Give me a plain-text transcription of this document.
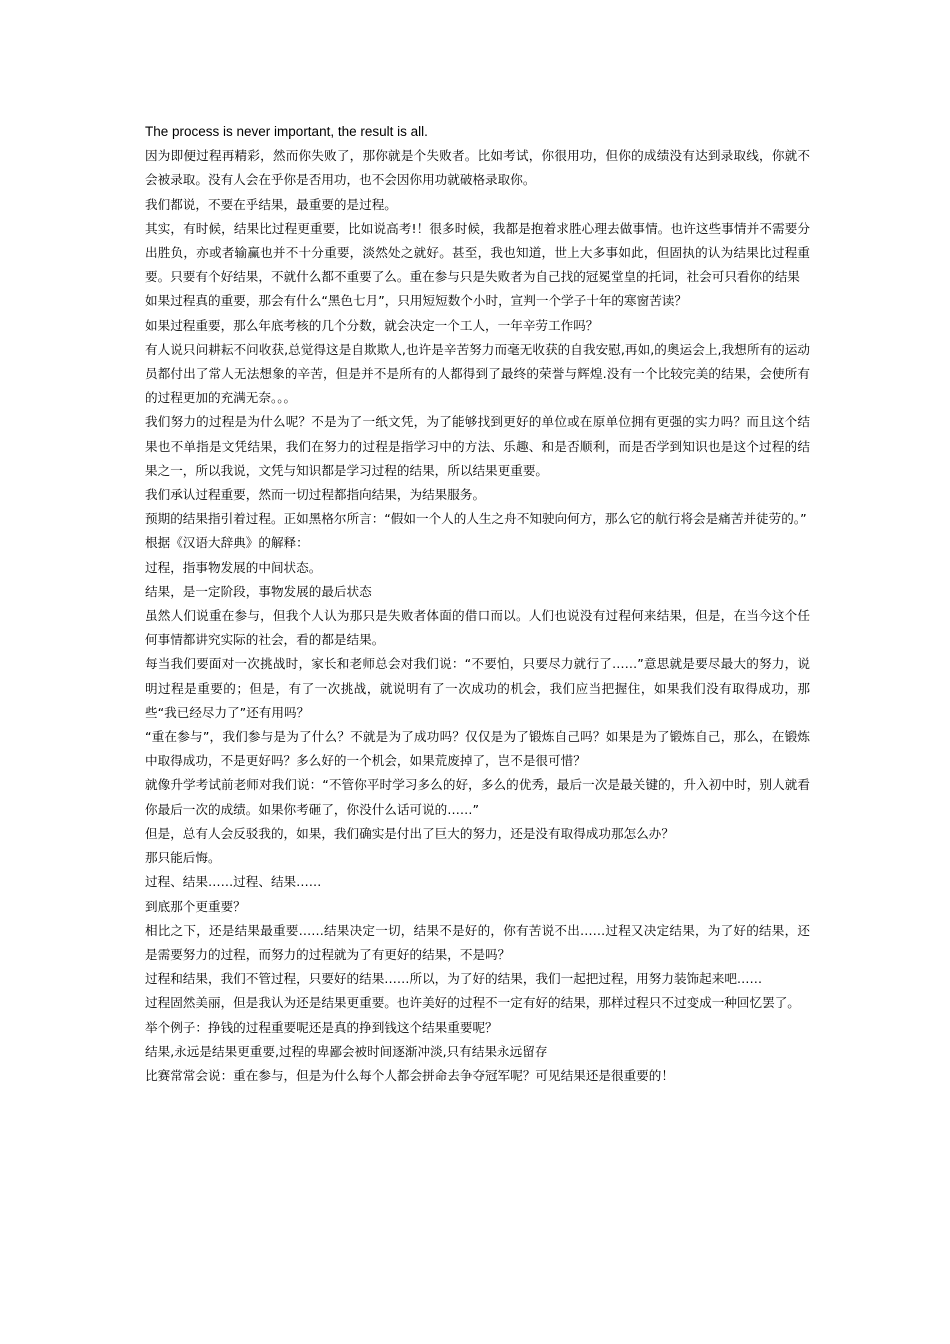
The process is never important, the result is all.

因为即便过程再精彩，然而你失败了，那你就是个失败者。比如考试，你很用功，但你的成绩没有达到录取线，你就不会被录取。没有人会在乎你是否用功，也不会因你用功就破格录取你。

我们都说，不要在乎结果，最重要的是过程。

其实，有时候，结果比过程更重要，比如说高考!！很多时候，我都是抱着求胜心理去做事情。也许这些事情并不需要分出胜负，亦或者输赢也并不十分重要，淡然处之就好。甚至，我也知道，世上大多事如此，但固执的认为结果比过程重要。只要有个好结果，不就什么都不重要了么。重在参与只是失败者为自己找的冠冕堂皇的托词，社会可只看你的结果

如果过程真的重要，那会有什么“黑色七月”，只用短短数个小时，宣判一个学子十年的寒窗苦读？

如果过程重要，那么年底考核的几个分数，就会决定一个工人，一年辛劳工作吗？

有人说只问耕耘不问收获,总觉得这是自欺欺人,也许是辛苦努力而毫无收获的自我安慰,再如,的奥运会上,我想所有的运动员都付出了常人无法想象的辛苦，但是并不是所有的人都得到了最终的荣誉与辉煌.没有一个比较完美的结果，会使所有的过程更加的充满无奈。。。

我们努力的过程是为什么呢？不是为了一纸文凭，为了能够找到更好的单位或在原单位拥有更强的实力吗？而且这个结果也不单指是文凭结果，我们在努力的过程是指学习中的方法、乐趣、和是否顺利，而是否学到知识也是这个过程的结果之一，所以我说，文凭与知识都是学习过程的结果，所以结果更重要。

我们承认过程重要，然而一切过程都指向结果，为结果服务。

预期的结果指引着过程。正如黑格尔所言：“假如一个人的人生之舟不知驶向何方，那么它的航行将会是痛苦并徒劳的。”

根据《汉语大辞典》的解释：

过程，指事物发展的中间状态。

结果，是一定阶段，事物发展的最后状态

虽然人们说重在参与，但我个人认为那只是失败者体面的借口而以。人们也说没有过程何来结果，但是，在当今这个任何事情都讲究实际的社会，看的都是结果。

每当我们要面对一次挑战时，家长和老师总会对我们说：“不要怕，只要尽力就行了……”意思就是要尽最大的努力，说明过程是重要的；但是，有了一次挑战，就说明有了一次成功的机会，我们应当把握住，如果我们没有取得成功，那些“我已经尽力了”还有用吗？

“重在参与”，我们参与是为了什么？不就是为了成功吗？仅仅是为了锻炼自己吗？如果是为了锻炼自己，那么，在锻炼中取得成功，不是更好吗？多么好的一个机会，如果荒废掉了，岂不是很可惜？

就像升学考试前老师对我们说：“不管你平时学习多么的好，多么的优秀，最后一次是最关键的，升入初中时，别人就看你最后一次的成绩。如果你考砸了，你没什么话可说的……”

但是，总有人会反驳我的，如果，我们确实是付出了巨大的努力，还是没有取得成功那怎么办？

那只能后悔。

过程、结果……过程、结果……

到底那个更重要？

相比之下，还是结果最重要……结果决定一切，结果不是好的，你有苦说不出……过程又决定结果，为了好的结果，还是需要努力的过程，而努力的过程就为了有更好的结果，不是吗？

过程和结果，我们不管过程，只要好的结果……所以，为了好的结果，我们一起把过程，用努力装饰起来吧……

过程固然美丽，但是我认为还是结果更重要。也许美好的过程不一定有好的结果，那样过程只不过变成一种回忆罢了。

举个例子：挣钱的过程重要呢还是真的挣到钱这个结果重要呢？

结果,永远是结果更重要,过程的卑鄙会被时间逐渐冲淡,只有结果永远留存

比赛常常会说：重在参与，但是为什么每个人都会拼命去争夺冠军呢？可见结果还是很重要的！
